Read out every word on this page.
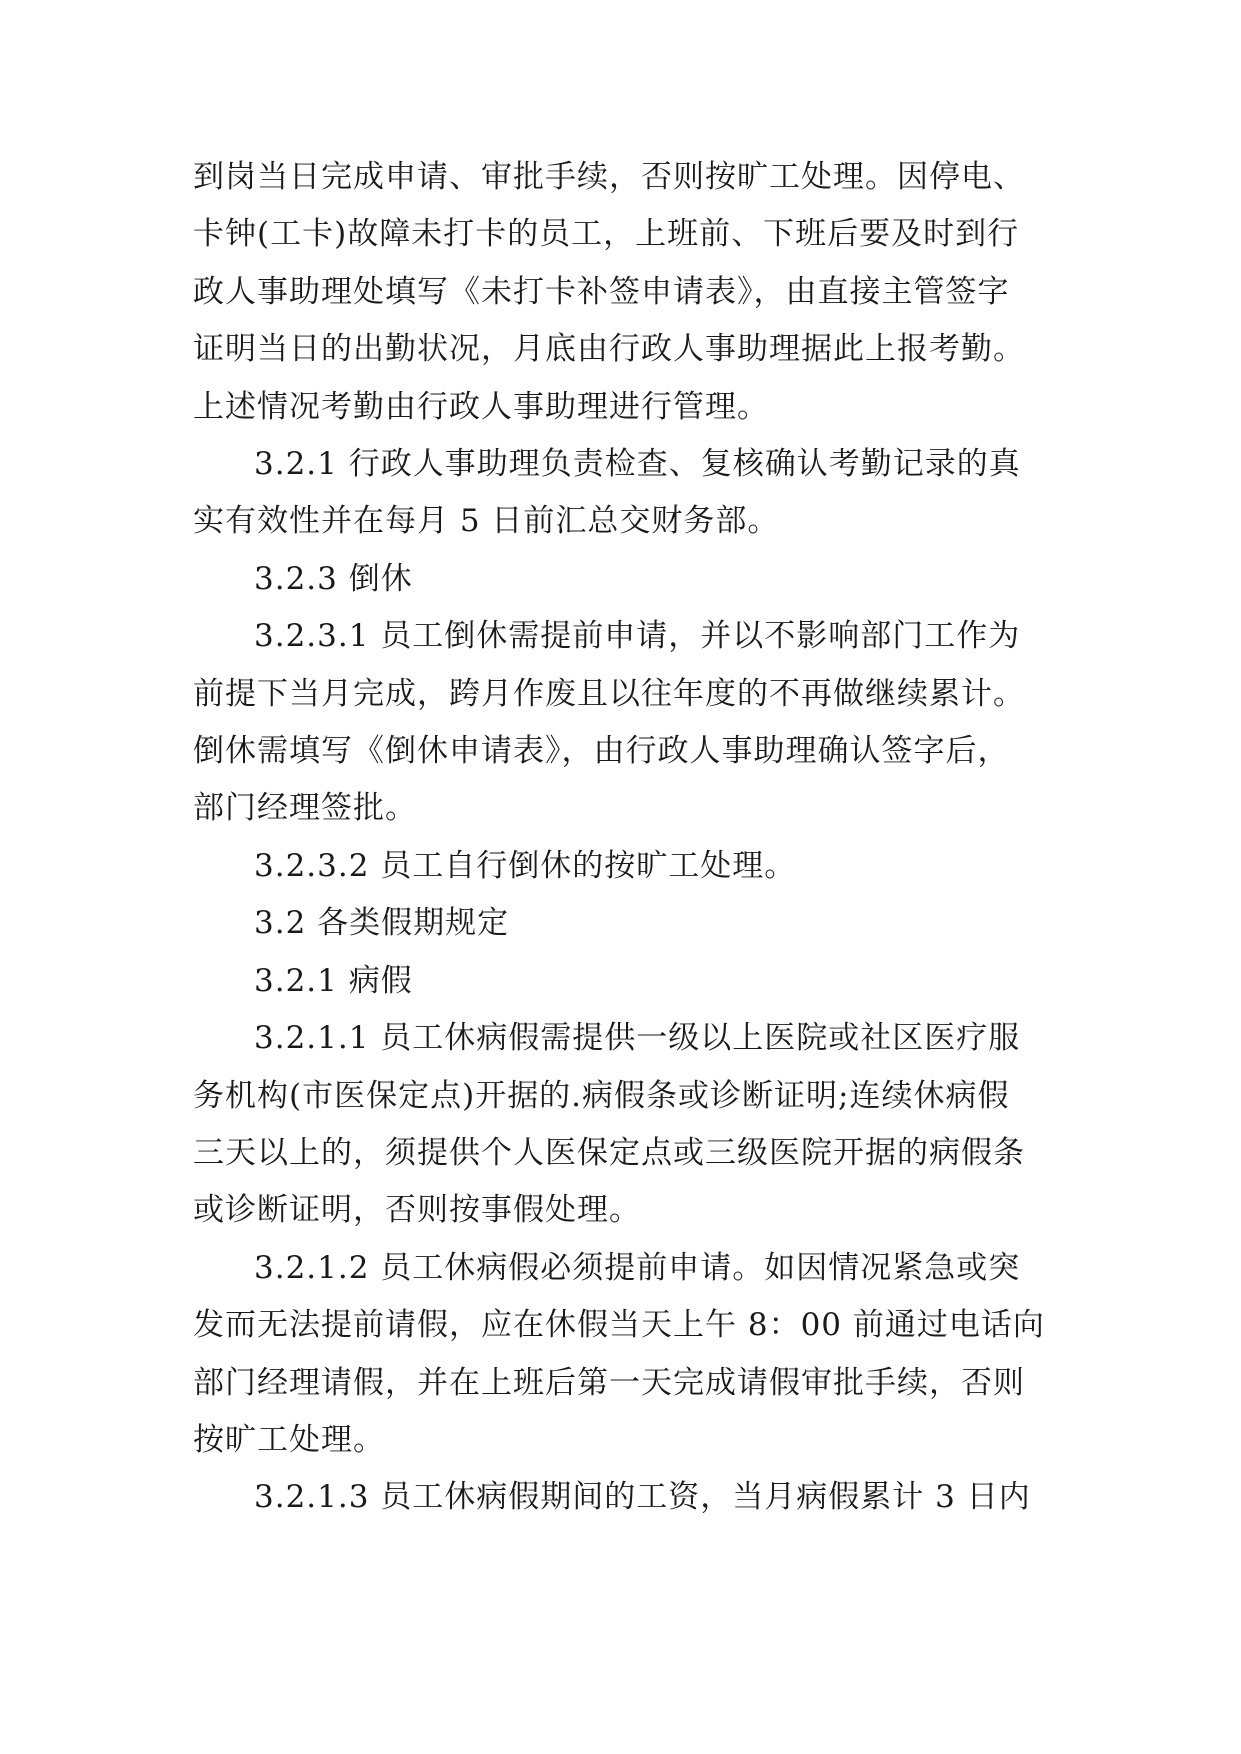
到岗当日完成申请、审批手续，否则按旷工处理。因停电、
卡钟(工卡)故障未打卡的员工，上班前、下班后要及时到行
政人事助理处填写《未打卡补签申请表》，由直接主管签字
证明当日的出勤状况，月底由行政人事助理据此上报考勤。
上述情况考勤由行政人事助理进行管理。
3.2.1 行政人事助理负责检查、复核确认考勤记录的真
实有效性并在每月 5 日前汇总交财务部。
3.2.3 倒休
3.2.3.1 员工倒休需提前申请，并以不影响部门工作为
前提下当月完成，跨月作废且以往年度的不再做继续累计。
倒休需填写《倒休申请表》，由行政人事助理确认签字后，
部门经理签批。
3.2.3.2 员工自行倒休的按旷工处理。
3.2 各类假期规定
3.2.1 病假
3.2.1.1 员工休病假需提供一级以上医院或社区医疗服
务机构(市医保定点)开据的.病假条或诊断证明;连续休病假
三天以上的，须提供个人医保定点或三级医院开据的病假条
或诊断证明，否则按事假处理。
3.2.1.2 员工休病假必须提前申请。如因情况紧急或突
发而无法提前请假，应在休假当天上午 8：00 前通过电话向
部门经理请假，并在上班后第一天完成请假审批手续，否则
按旷工处理。
3.2.1.3 员工休病假期间的工资，当月病假累计 3 日内
